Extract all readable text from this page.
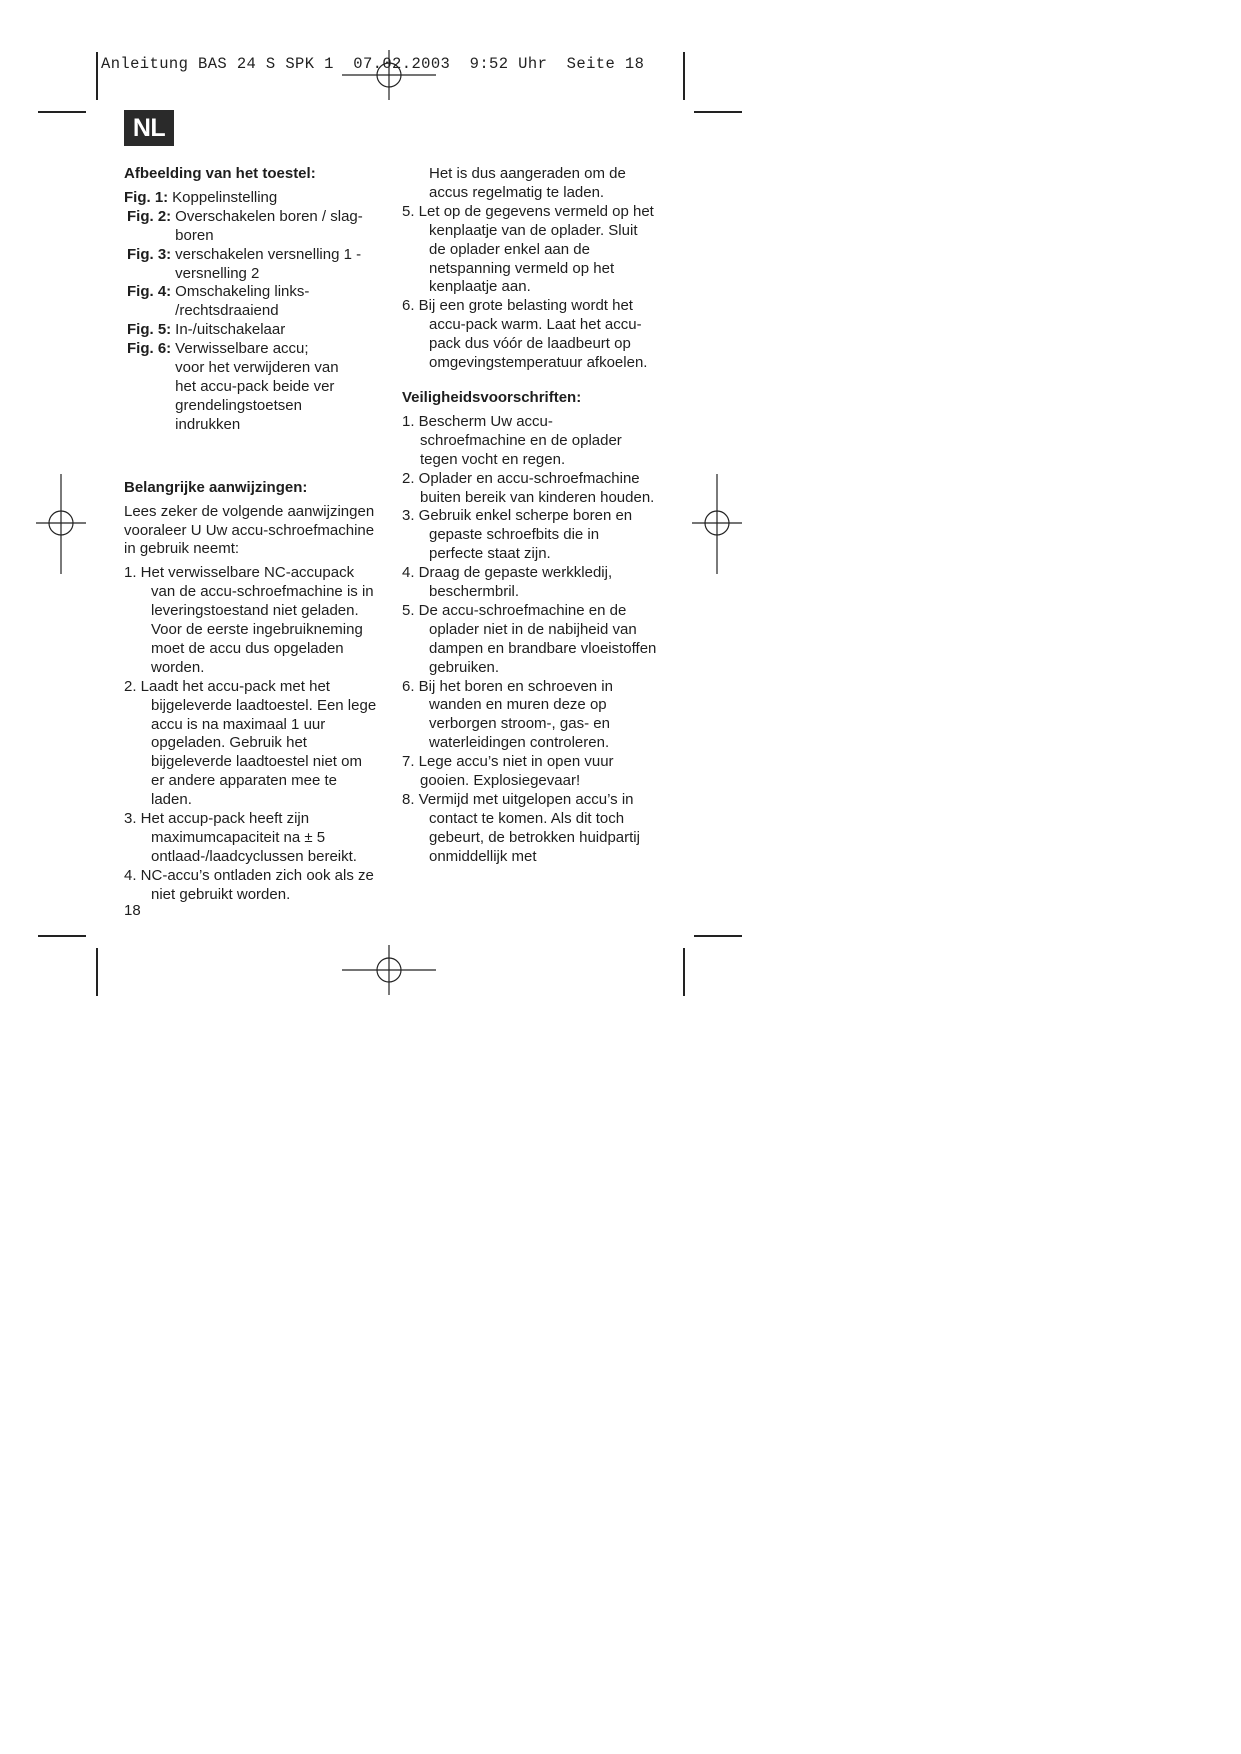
Anleitung BAS 24 S SPK 1  07.02.2003  9:52 Uhr  Seite 18
NL
Afbeelding van het toestel:
Fig. 1: Koppelinstelling
Fig. 2: Overschakelen boren / slag-boren
Fig. 3: verschakelen versnelling 1 - versnelling 2
Fig. 4: Omschakeling links- /rechtsdraaiend
Fig. 5: In-/uitschakelaar
Fig. 6: Verwisselbare accu; voor het verwijderen van het accu-pack beide ver grendelingstoetsen indrukken
Belangrijke aanwijzingen:
Lees zeker de volgende aanwijzingen vooraleer U Uw accu-schroefmachine in gebruik neemt:
1. Het verwisselbare NC-accupack van de accu-schroefmachine is in leveringstoestand niet geladen. Voor de eerste ingebruikneming moet de accu dus opgeladen worden.
2. Laadt het accu-pack met het bijgeleverde laadtoestel. Een lege accu is na maximaal 1 uur opgeladen. Gebruik het bijgeleverde laadtoestel niet om er andere apparaten mee te laden.
3. Het accup-pack heeft zijn maximumcapaciteit na ± 5 ontlaad-/laadcyclussen bereikt.
4. NC-accu’s ontladen zich ook als ze niet gebruikt worden.
Het is dus aangeraden om de accus regelmatig te laden.
5. Let op de gegevens vermeld op het kenplaatje van de oplader. Sluit de oplader enkel aan de netspanning vermeld op het kenplaatje aan.
6. Bij een grote belasting wordt het accu-pack warm. Laat het accu-pack dus vóór de laadbeurt op omgevingstemperatuur afkoelen.
Veiligheidsvoorschriften:
1. Bescherm Uw accu-schroefmachine en de oplader tegen vocht en regen.
2. Oplader en accu-schroefmachine buiten bereik van kinderen houden.
3. Gebruik enkel scherpe boren en gepaste schroefbits die in perfecte staat zijn.
4. Draag de gepaste werkkledij, beschermbril.
5. De accu-schroefmachine en de oplader niet in de nabijheid van dampen en brandbare vloeistoffen gebruiken.
6. Bij het boren en schroeven in wanden en muren deze op verborgen stroom-, gas- en waterleidingen controleren.
7. Lege accu’s niet in open vuur gooien. Explosiegevaar!
8. Vermijd met uitgelopen accu’s in contact te komen. Als dit toch gebeurt, de betrokken huidpartij onmiddellijk met
18
